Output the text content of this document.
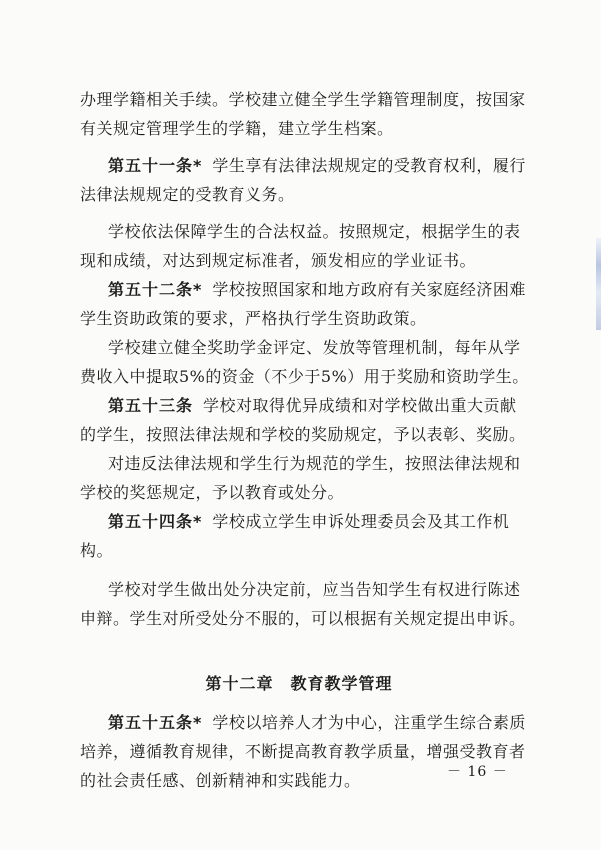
办理学籍相关手续。学校建立健全学生学籍管理制度，按国家
有关规定管理学生的学籍，建立学生档案。
第五十一条* 学生享有法律法规规定的受教育权利，履行
法律法规规定的受教育义务。
学校依法保障学生的合法权益。按照规定，根据学生的表
现和成绩，对达到规定标准者，颁发相应的学业证书。
第五十二条* 学校按照国家和地方政府有关家庭经济困难
学生资助政策的要求，严格执行学生资助政策。
学校建立健全奖助学金评定、发放等管理机制，每年从学
费收入中提取5%的资金（不少于5%）用于奖励和资助学生。
第五十三条 学校对取得优异成绩和对学校做出重大贡献
的学生，按照法律法规和学校的奖励规定，予以表彰、奖励。
对违反法律法规和学生行为规范的学生，按照法律法规和
学校的奖惩规定，予以教育或处分。
第五十四条* 学校成立学生申诉处理委员会及其工作机
构。
学校对学生做出处分决定前，应当告知学生有权进行陈述
申辩。学生对所受处分不服的，可以根据有关规定提出申诉。
第十二章　教育教学管理
第五十五条* 学校以培养人才为中心，注重学生综合素质
培养，遵循教育规律，不断提高教育教学质量，增强受教育者
的社会责任感、创新精神和实践能力。	－ 16 －
